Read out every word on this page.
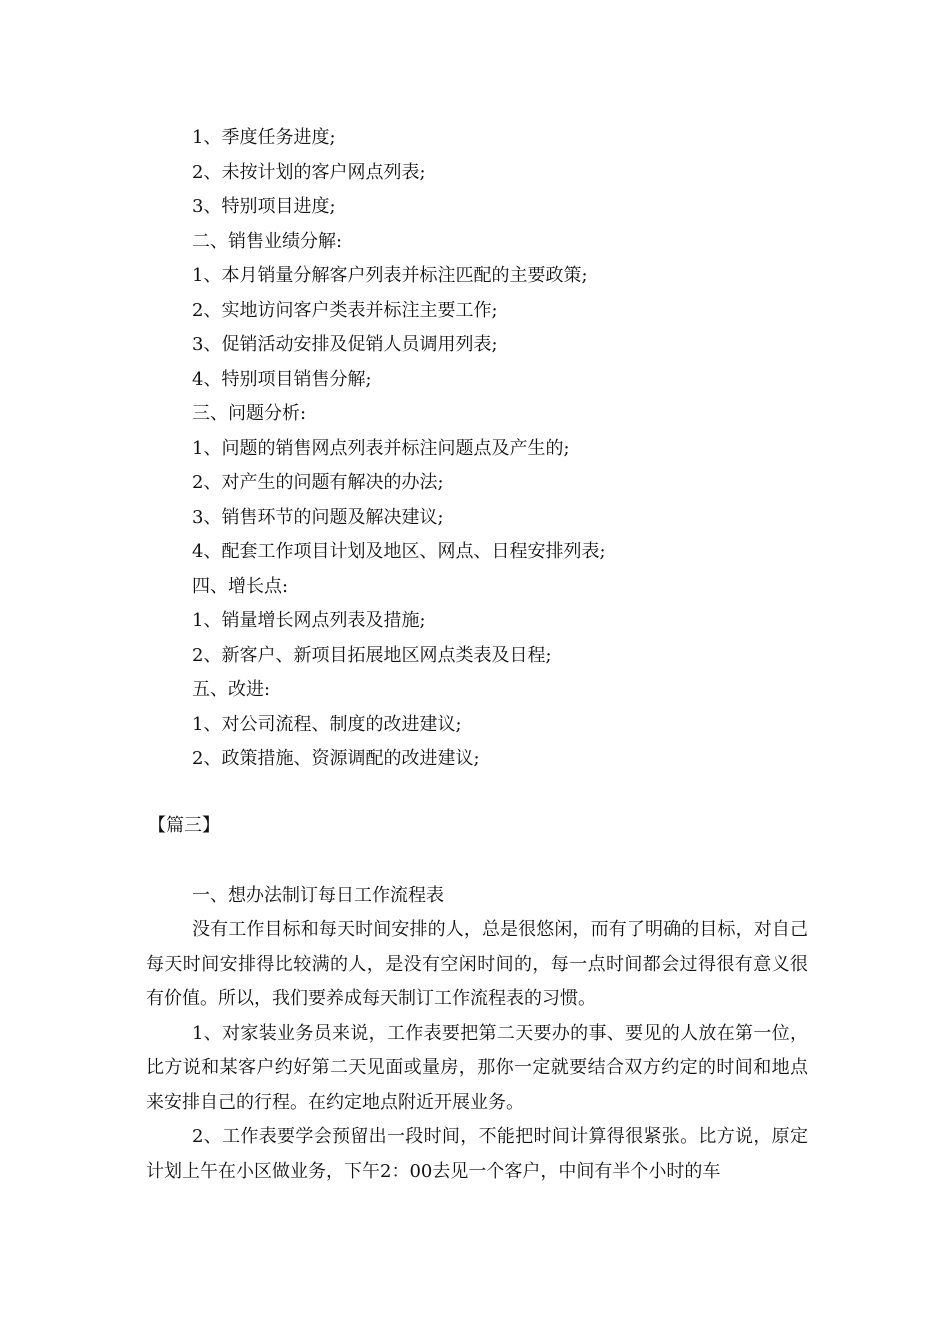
1、季度任务进度;
2、未按计划的客户网点列表;
3、特别项目进度;
二、销售业绩分解:
1、本月销量分解客户列表并标注匹配的主要政策;
2、实地访问客户类表并标注主要工作;
3、促销活动安排及促销人员调用列表;
4、特别项目销售分解;
三、问题分析:
1、问题的销售网点列表并标注问题点及产生的;
2、对产生的问题有解决的办法;
3、销售环节的问题及解决建议;
4、配套工作项目计划及地区、网点、日程安排列表;
四、增长点:
1、销量增长网点列表及措施;
2、新客户、新项目拓展地区网点类表及日程;
五、改进:
1、对公司流程、制度的改进建议;
2、政策措施、资源调配的改进建议;
【篇三】
一、想办法制订每日工作流程表

没有工作目标和每天时间安排的人，总是很悠闲，而有了明确的目标，对自己每天时间安排得比较满的人，是没有空闲时间的，每一点时间都会过得很有意义很有价值。所以，我们要养成每天制订工作流程表的习惯。

1、对家装业务员来说，工作表要把第二天要办的事、要见的人放在第一位，比方说和某客户约好第二天见面或量房，那你一定就要结合双方约定的时间和地点来安排自己的行程。在约定地点附近开展业务。

2、工作表要学会预留出一段时间，不能把时间计算得很紧张。比方说，原定计划上午在小区做业务，下午2：00去见一个客户，中间有半个小时的车
